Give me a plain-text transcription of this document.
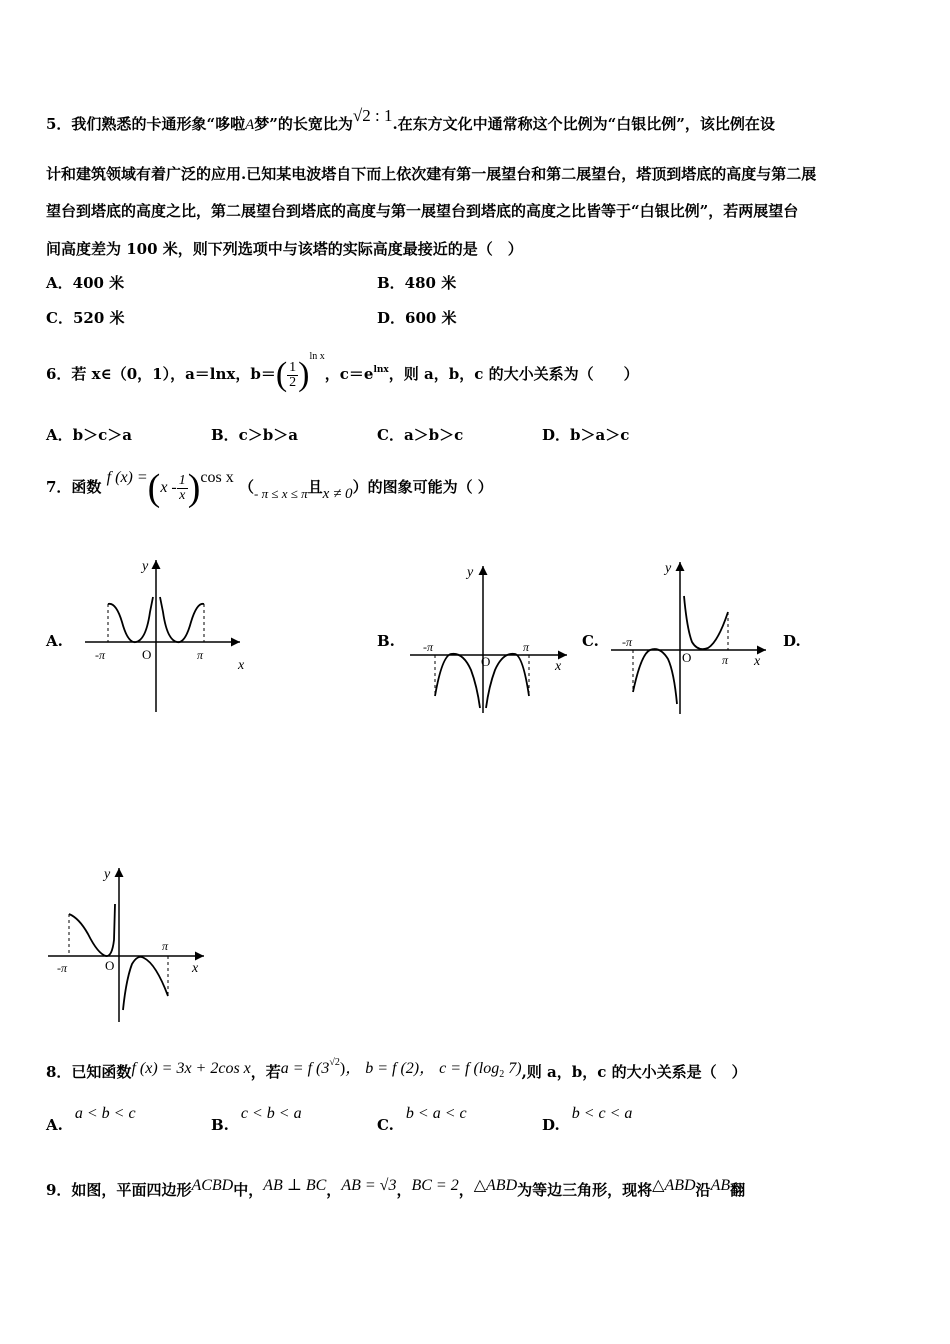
5．我们熟悉的卡通形象“哆啦A梦”的长宽比为√2 : 1.在东方文化中通常称这个比例为“白银比例”，该比例在设
计和建筑领域有着广泛的应用.已知某电波塔自下而上依次建有第一展望台和第二展望台，塔顶到塔底的高度与第二展
望台到塔底的高度之比，第二展望台到塔底的高度与第一展望台到塔底的高度之比皆等于“白银比例”，若两展望台
间高度差为 100 米，则下列选项中与该塔的实际高度最接近的是（　）
A．400 米	B．480 米
C．520 米	D．600 米
6．若 x∈（0，1），a＝lnx，$b=( \frac{1}{2} )^{ln x}$，$c=e^{lnx}$，则 a，b，c 的大小关系为（　　）
A．b＞c＞a	B．c＞b＞a	C．a＞b＞c	D．b＞a＞c
7．函数 f $(x) =(x - \frac{1}{x} )\cos$ x （- π ≤ x ≤ π且x ≠ 0）的图象可能为（ ）
A.	B.	C.	D.
y
x
O
-π	π
y
x
O
-π	π
y
x
O
-π
π
y
x
O
-π
π
8．已知函数f (x) = 3x + 2cos x，若a = f $(3^{√2})$， b = f (2)， c = f (log2 7),则 a，b，c 的大小关系是（　）
A.a < b < c
B.c < b < a
C.b < a < c
D.b < c < a
9．如图，平面四边形ACBD中，AB ⊥ BC，AB = √3，BC = 2，△ABD为等边三角形，现将△ABD沿AB翻
